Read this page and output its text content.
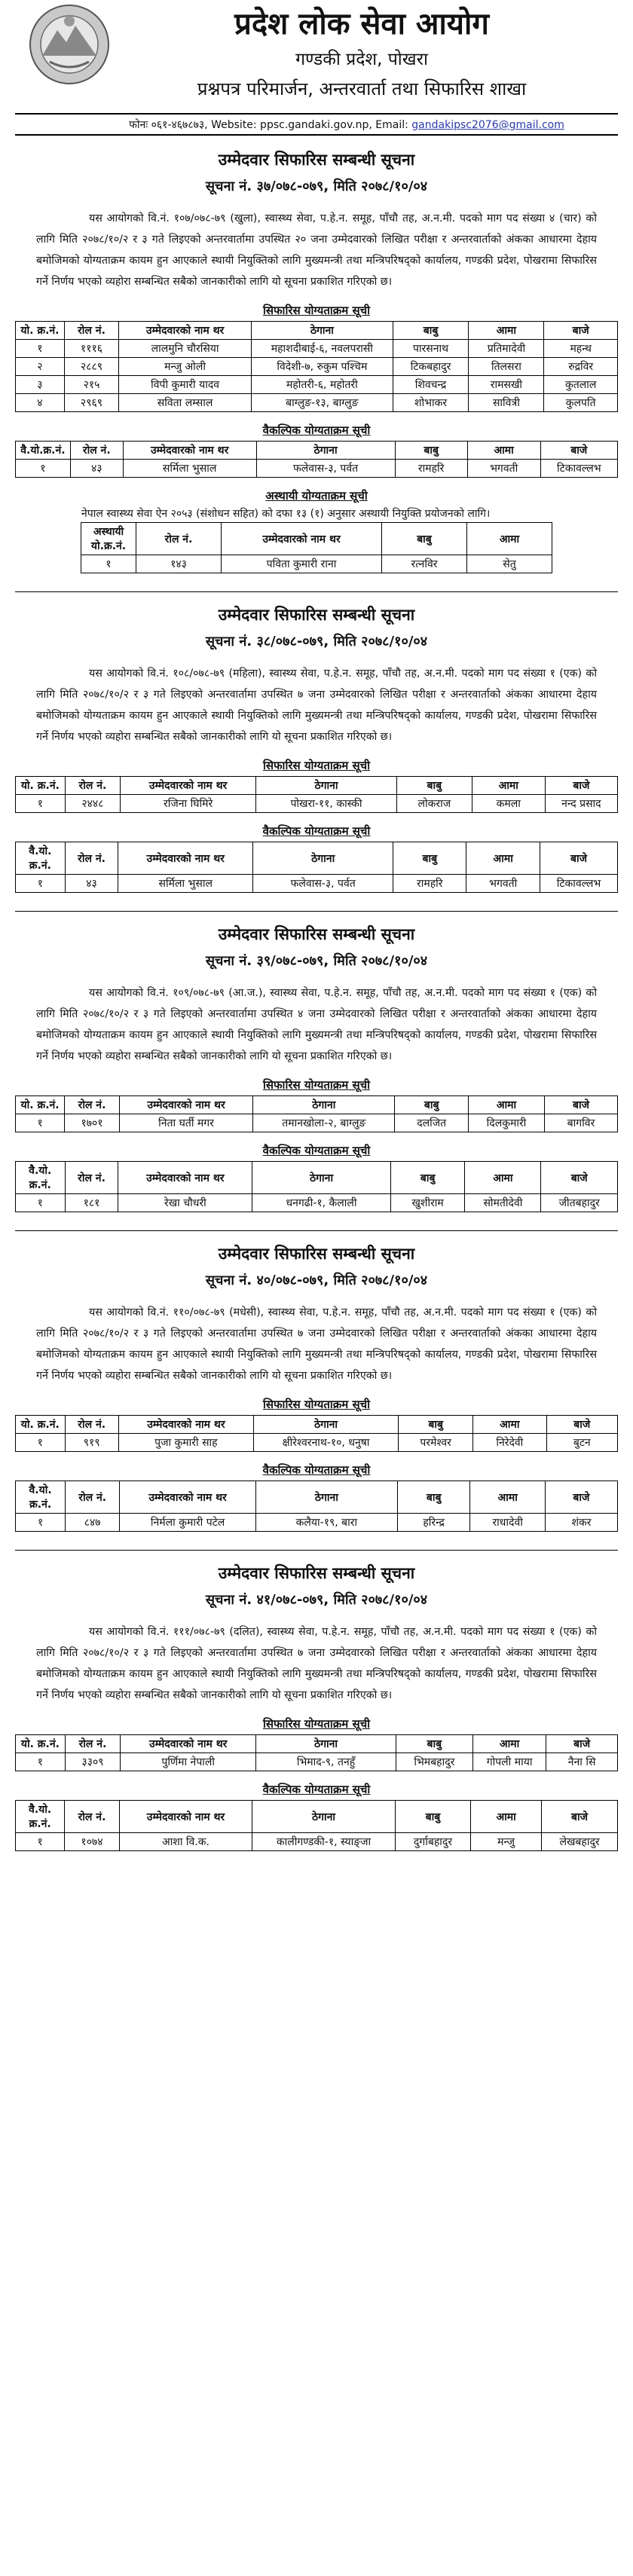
प्रदेश लोक सेवा आयोग
गण्डकी प्रदेश, पोखरा
प्रश्नपत्र परिमार्जन, अन्तरवार्ता तथा सिफारिस शाखा
फोनः ०६१-४६७८७३, Website: ppsc.gandaki.gov.np, Email: gandakipsc2076@gmail.com
उम्मेदवार सिफारिस सम्बन्धी सूचना
सूचना नं. ३७/०७८-०७९, मिति २०७८/१०/०४

यस आयोगको वि.नं. १०७/०७८-७९ (खुला), स्वास्थ्य सेवा, प.हे.न. समूह, पाँचौ तह, अ.न.मी. पदको माग पद संख्या ४ (चार) को लागि मिति २०७८/१०/२ र ३ गते लिइएको अन्तरवार्तामा उपस्थित २० जना उम्मेदवारको लिखित परीक्षा र अन्तरवार्ताको अंकका आधारमा देहाय बमोजिमको योग्यताक्रम कायम हुन आएकाले स्थायी नियुक्तिको लागि मुख्यमन्त्री तथा मन्त्रिपरिषद्को कार्यालय, गण्डकी प्रदेश, पोखरामा सिफारिस गर्ने निर्णय भएको व्यहोरा सम्बन्धित सबैको जानकारीको लागि यो सूचना प्रकाशित गरिएको छ।

सिफारिस योग्यताक्रम सूची
यो. क्र.नं.	रोल नं.	उम्मेदवारको नाम थर	ठेगाना	बाबु	आमा	बाजे
१	१११६	लालमुनि चौरसिया	महाशदीबाई-६, नवलपरासी	पारसनाथ	प्रतिमादेवी	महन्थ
२	२८८९	मन्जु ओली	विदेशी-७, रुकुम पश्चिम	टिकबहादुर	तिलसरा	रुद्रविर
३	२१५	विपी कुमारी यादव	महोतरी-६, महोतरी	शिवचन्द्र	रामसखी	कुतलाल
४	२९६९	सविता लम्साल	बाग्लुङ-१३, बाग्लुङ	शोभाकर	सावित्री	कुलपति
वैकल्पिक योग्यताक्रम सूची
वै.यो.क्र.नं.	रोल नं.	उम्मेदवारको नाम थर	ठेगाना	बाबु	आमा	बाजे
१	४३	सर्मिला भुसाल	फलेवास-३, पर्वत	रामहरि	भगवती	टिकावल्लभ
अस्थायी योग्यताक्रम सूची
नेपाल स्वास्थ्य सेवा ऐन २०५३ (संशोधन सहित) को दफा १३ (१) अनुसार अस्थायी नियुक्ति प्रयोजनको लागि।
अस्थायी यो.क्र.नं.	रोल नं.	उम्मेदवारको नाम थर	बाबु	आमा
१	१४३	पविता कुमारी राना	रत्नविर	सेतु
उम्मेदवार सिफारिस सम्बन्धी सूचना
सूचना नं. ३८/०७८-०७९, मिति २०७८/१०/०४

यस आयोगको वि.नं. १०८/०७८-७९ (महिला), स्वास्थ्य सेवा, प.हे.न. समूह, पाँचौ तह, अ.न.मी. पदको माग पद संख्या १ (एक) को लागि मिति २०७८/१०/२ र ३ गते लिइएको अन्तरवार्तामा उपस्थित ७ जना उम्मेदवारको लिखित परीक्षा र अन्तरवार्ताको अंकका आधारमा देहाय बमोजिमको योग्यताक्रम कायम हुन आएकाले स्थायी नियुक्तिको लागि मुख्यमन्त्री तथा मन्त्रिपरिषद्को कार्यालय, गण्डकी प्रदेश, पोखरामा सिफारिस गर्ने निर्णय भएको व्यहोरा सम्बन्धित सबैको जानकारीको लागि यो सूचना प्रकाशित गरिएको छ।

सिफारिस योग्यताक्रम सूची
यो. क्र.नं.	रोल नं.	उम्मेदवारको नाम थर	ठेगाना	बाबु	आमा	बाजे
१	२४४८	रजिना घिमिरे	पोखरा-११, कास्की	लोकराज	कमला	नन्द प्रसाद
वैकल्पिक योग्यताक्रम सूची
वै.यो. क्र.नं.	रोल नं.	उम्मेदवारको नाम थर	ठेगाना	बाबु	आमा	बाजे
१	४३	सर्मिला भुसाल	फलेवास-३, पर्वत	रामहरि	भगवती	टिकावल्लभ
उम्मेदवार सिफारिस सम्बन्धी सूचना
सूचना नं. ३९/०७८-०७९, मिति २०७८/१०/०४

यस आयोगको वि.नं. १०९/०७८-७९ (आ.ज.), स्वास्थ्य सेवा, प.हे.न. समूह, पाँचौ तह, अ.न.मी. पदको माग पद संख्या १ (एक) को लागि मिति २०७८/१०/२ र ३ गते लिइएको अन्तरवार्तामा उपस्थित ४ जना उम्मेदवारको लिखित परीक्षा र अन्तरवार्ताको अंकका आधारमा देहाय बमोजिमको योग्यताक्रम कायम हुन आएकाले स्थायी नियुक्तिको लागि मुख्यमन्त्री तथा मन्त्रिपरिषद्को कार्यालय, गण्डकी प्रदेश, पोखरामा सिफारिस गर्ने निर्णय भएको व्यहोरा सम्बन्धित सबैको जानकारीको लागि यो सूचना प्रकाशित गरिएको छ।

सिफारिस योग्यताक्रम सूची
यो. क्र.नं.	रोल नं.	उम्मेदवारको नाम थर	ठेगाना	बाबु	आमा	बाजे
१	१७०१	निता घर्ती मगर	तमानखोला-२, बाग्लुङ	दलजित	दिलकुमारी	बागविर
वैकल्पिक योग्यताक्रम सूची
वै.यो. क्र.नं.	रोल नं.	उम्मेदवारको नाम थर	ठेगाना	बाबु	आमा	बाजे
१	१८१	रेखा चौधरी	धनगढी-१, कैलाली	खुशीराम	सोमतीदेवी	जीतबहादुर
उम्मेदवार सिफारिस सम्बन्धी सूचना
सूचना नं. ४०/०७८-०७९, मिति २०७८/१०/०४

यस आयोगको वि.नं. ११०/०७८-७९ (मधेसी), स्वास्थ्य सेवा, प.हे.न. समूह, पाँचौ तह, अ.न.मी. पदको माग पद संख्या १ (एक) को लागि मिति २०७८/१०/२ र ३ गते लिइएको अन्तरवार्तामा उपस्थित ७ जना उम्मेदवारको लिखित परीक्षा र अन्तरवार्ताको अंकका आधारमा देहाय बमोजिमको योग्यताक्रम कायम हुन आएकाले स्थायी नियुक्तिको लागि मुख्यमन्त्री तथा मन्त्रिपरिषद्को कार्यालय, गण्डकी प्रदेश, पोखरामा सिफारिस गर्ने निर्णय भएको व्यहोरा सम्बन्धित सबैको जानकारीको लागि यो सूचना प्रकाशित गरिएको छ।

सिफारिस योग्यताक्रम सूची
यो. क्र.नं.	रोल नं.	उम्मेदवारको नाम थर	ठेगाना	बाबु	आमा	बाजे
१	९१९	पुजा कुमारी साह	क्षीरेश्वरनाथ-१०, धनुषा	परमेश्वर	निरेदेवी	बुटन
वैकल्पिक योग्यताक्रम सूची
वै.यो. क्र.नं.	रोल नं.	उम्मेदवारको नाम थर	ठेगाना	बाबु	आमा	बाजे
१	८४७	निर्मला कुमारी पटेल	कलैया-१९, बारा	हरिन्द्र	राधादेवी	शंकर
उम्मेदवार सिफारिस सम्बन्धी सूचना
सूचना नं. ४१/०७८-०७९, मिति २०७८/१०/०४

यस आयोगको वि.नं. १११/०७८-७९ (दलित), स्वास्थ्य सेवा, प.हे.न. समूह, पाँचौ तह, अ.न.मी. पदको माग पद संख्या १ (एक) को लागि मिति २०७८/१०/२ र ३ गते लिइएको अन्तरवार्तामा उपस्थित ७ जना उम्मेदवारको लिखित परीक्षा र अन्तरवार्ताको अंकका आधारमा देहाय बमोजिमको योग्यताक्रम कायम हुन आएकाले स्थायी नियुक्तिको लागि मुख्यमन्त्री तथा मन्त्रिपरिषद्को कार्यालय, गण्डकी प्रदेश, पोखरामा सिफारिस गर्ने निर्णय भएको व्यहोरा सम्बन्धित सबैको जानकारीको लागि यो सूचना प्रकाशित गरिएको छ।

सिफारिस योग्यताक्रम सूची
यो. क्र.नं.	रोल नं.	उम्मेदवारको नाम थर	ठेगाना	बाबु	आमा	बाजे
१	३३०९	पुर्णिमा नेपाली	भिमाद-९, तनहुँ	भिमबहादुर	गोपली माया	नैना सि
वैकल्पिक योग्यताक्रम सूची
वै.यो. क्र.नं.	रोल नं.	उम्मेदवारको नाम थर	ठेगाना	बाबु	आमा	बाजे
१	१०७४	आशा वि.क.	कालीगण्डकी-१, स्याङ्जा	दुर्गाबहादुर	मन्जु	लेखबहादुर
